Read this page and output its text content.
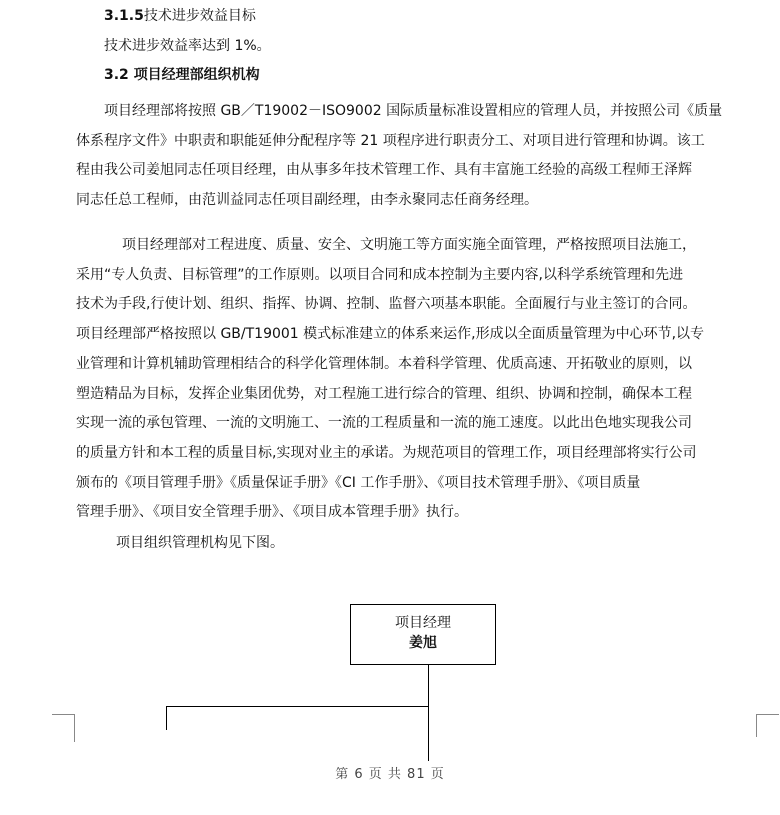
3.1.5技术进步效益目标
技术进步效益率达到 1%。
3.2 项目经理部组织机构
项目经理部将按照 GB／T19002－ISO9002 国际质量标准设置相应的管理人员，并按照公司《质量
体系程序文件》中职责和职能延伸分配程序等 21 项程序进行职责分工、对项目进行管理和协调。该工
程由我公司姜旭同志任项目经理，由从事多年技术管理工作、具有丰富施工经验的高级工程师王泽辉
同志任总工程师，由范训益同志任项目副经理，由李永聚同志任商务经理。
项目经理部对工程进度、质量、安全、文明施工等方面实施全面管理，严格按照项目法施工，
采用“专人负责、目标管理”的工作原则。以项目合同和成本控制为主要内容,以科学系统管理和先进
技术为手段,行使计划、组织、指挥、协调、控制、监督六项基本职能。全面履行与业主签订的合同。
项目经理部严格按照以 GB/T19001 模式标准建立的体系来运作,形成以全面质量管理为中心环节,以专
业管理和计算机辅助管理相结合的科学化管理体制。本着科学管理、优质高速、开拓敬业的原则，以
塑造精品为目标，发挥企业集团优势，对工程施工进行综合的管理、组织、协调和控制，确保本工程
实现一流的承包管理、一流的文明施工、一流的工程质量和一流的施工速度。以此出色地实现我公司
的质量方针和本工程的质量目标,实现对业主的承诺。为规范项目的管理工作，项目经理部将实行公司
颁布的《项目管理手册》《质量保证手册》《CI 工作手册》、《项目技术管理手册》、《项目质量
管理手册》、《项目安全管理手册》、《项目成本管理手册》执行。
项目组织管理机构见下图。
项目经理
姜旭
第 6 页 共 81 页
